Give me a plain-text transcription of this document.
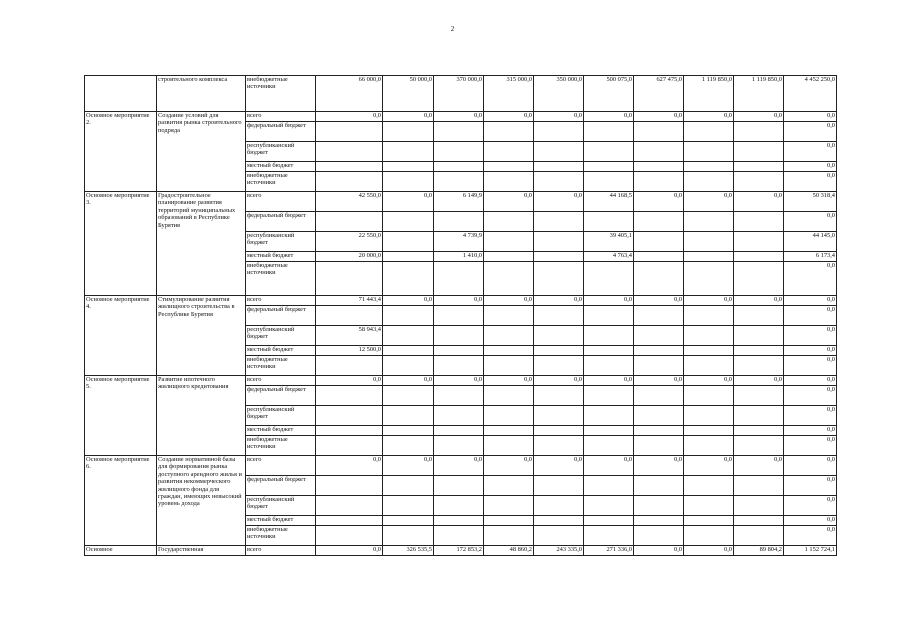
2

	строительного комплекса	внебюджетные источники	66 000,0	50 000,0	370 000,0	315 000,0	350 000,0	500 075,0	627 475,0	1 119 850,0	1 119 850,0	4 452 250,0
Основное мероприятие 2.	Создание условий для развития рынка строительного подряда	всего	0,0	0,0	0,0	0,0	0,0	0,0	0,0	0,0	0,0	0,0
		федеральный бюджет										0,0
		республиканский бюджет										0,0
		местный бюджет										0,0
		внебюджетные источники										0,0
Основное мероприятие 3.	Градостроительное планирование развития территорий муниципальных образований в Республике Бурятия	всего	42 550,0	0,0	6 149,9	0,0	0,0	44 168,5	0,0	0,0	0,0	50 318,4
		федеральный бюджет										0,0
		республиканский бюджет	22 550,0		4 739,9			39 405,1				44 145,0
		местный бюджет	20 000,0		1 410,0			4 763,4				6 173,4
		внебюджетные источники										0,0
Основное мероприятие 4.	Стимулирование развития жилищного строительства в Республике Бурятия	всего	71 443,4	0,0	0,0	0,0	0,0	0,0	0,0	0,0	0,0	0,0
		федеральный бюджет										0,0
		республиканский бюджет	58 943,4									0,0
		местный бюджет	12 500,0									0,0
		внебюджетные источники										0,0
Основное мероприятие 5.	Развитие ипотечного жилищного кредитования	всего	0,0	0,0	0,0	0,0	0,0	0,0	0,0	0,0	0,0	0,0
		федеральный бюджет										0,0
		республиканский бюджет										0,0
		местный бюджет										0,0
		внебюджетные источники										0,0
Основное мероприятие 6.	Создание нормативной базы для формирования рынка доступного арендного жилья и развития некоммерческого жилищного фонда для граждан, имеющих невысокий уровень дохода	всего	0,0	0,0	0,0	0,0	0,0	0,0	0,0	0,0	0,0	0,0
		федеральный бюджет										0,0
		республиканский бюджет										0,0
		местный бюджет										0,0
		внебюджетные источники										0,0
Основное	Государственная	всего	0,0	326 535,5	172 853,2	48 860,2	243 335,0	271 336,0	0,0	0,0	89 804,2	1 152 724,1
